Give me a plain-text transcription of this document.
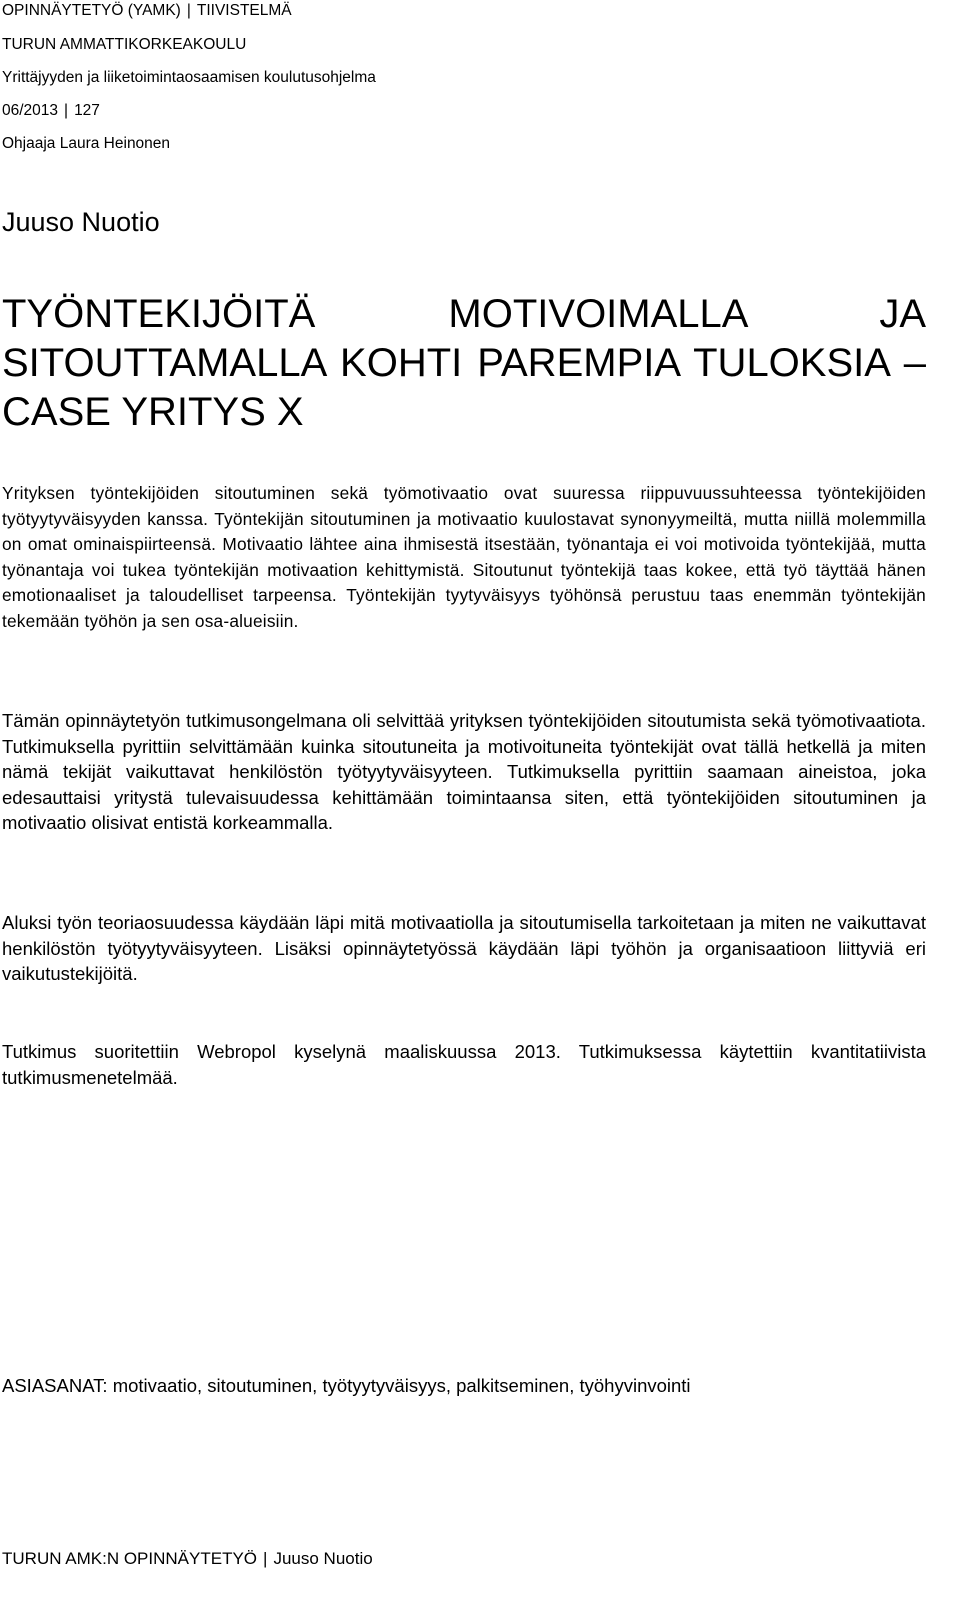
OPINNÄYTETYÖ (YAMK) | TIIVISTELMÄ
TURUN AMMATTIKORKEAKOULU
Yrittäjyyden ja liiketoimintaosaamisen koulutusohjelma
06/2013 | 127
Ohjaaja Laura Heinonen
Juuso Nuotio
TYÖNTEKIJÖITÄ MOTIVOIMALLA JA SITOUTTAMALLA KOHTI PAREMPIA TULOKSIA – CASE YRITYS X

Yrityksen työntekijöiden sitoutuminen sekä työmotivaatio ovat suuressa riippuvuussuhteessa työntekijöiden työtyytyväisyyden kanssa. Työntekijän sitoutuminen ja motivaatio kuulostavat synonyymeiltä, mutta niillä molemmilla on omat ominaispiirteensä. Motivaatio lähtee aina ihmisestä itsestään, työnantaja ei voi motivoida työntekijää, mutta työnantaja voi tukea työntekijän motivaation kehittymistä. Sitoutunut työntekijä taas kokee, että työ täyttää hänen emotionaaliset ja taloudelliset tarpeensa. Työntekijän tyytyväisyys työhönsä perustuu taas enemmän työntekijän tekemään työhön ja sen osa-alueisiin.

Tämän opinnäytetyön tutkimusongelmana oli selvittää yrityksen työntekijöiden sitoutumista sekä työmotivaatiota. Tutkimuksella pyrittiin selvittämään kuinka sitoutuneita ja motivoituneita työntekijät ovat tällä hetkellä ja miten nämä tekijät vaikuttavat henkilöstön työtyytyväisyyteen. Tutkimuksella pyrittiin saamaan aineistoa, joka edesauttaisi yritystä tulevaisuudessa kehittämään toimintaansa siten, että työntekijöiden sitoutuminen ja motivaatio olisivat entistä korkeammalla.

Aluksi työn teoriaosuudessa käydään läpi mitä motivaatiolla ja sitoutumisella tarkoitetaan ja miten ne vaikuttavat henkilöstön työtyytyväisyyteen. Lisäksi opinnäytetyössä käydään läpi työhön ja organisaatioon liittyviä eri vaikutustekijöitä.

Tutkimus suoritettiin Webropol kyselynä maaliskuussa 2013. Tutkimuksessa käytettiin kvantitatiivista tutkimusmenetelmää.

ASIASANAT: motivaatio, sitoutuminen, työtyytyväisyys, palkitseminen, työhyvinvointi
TURUN AMK:N OPINNÄYTETYÖ | Juuso Nuotio
